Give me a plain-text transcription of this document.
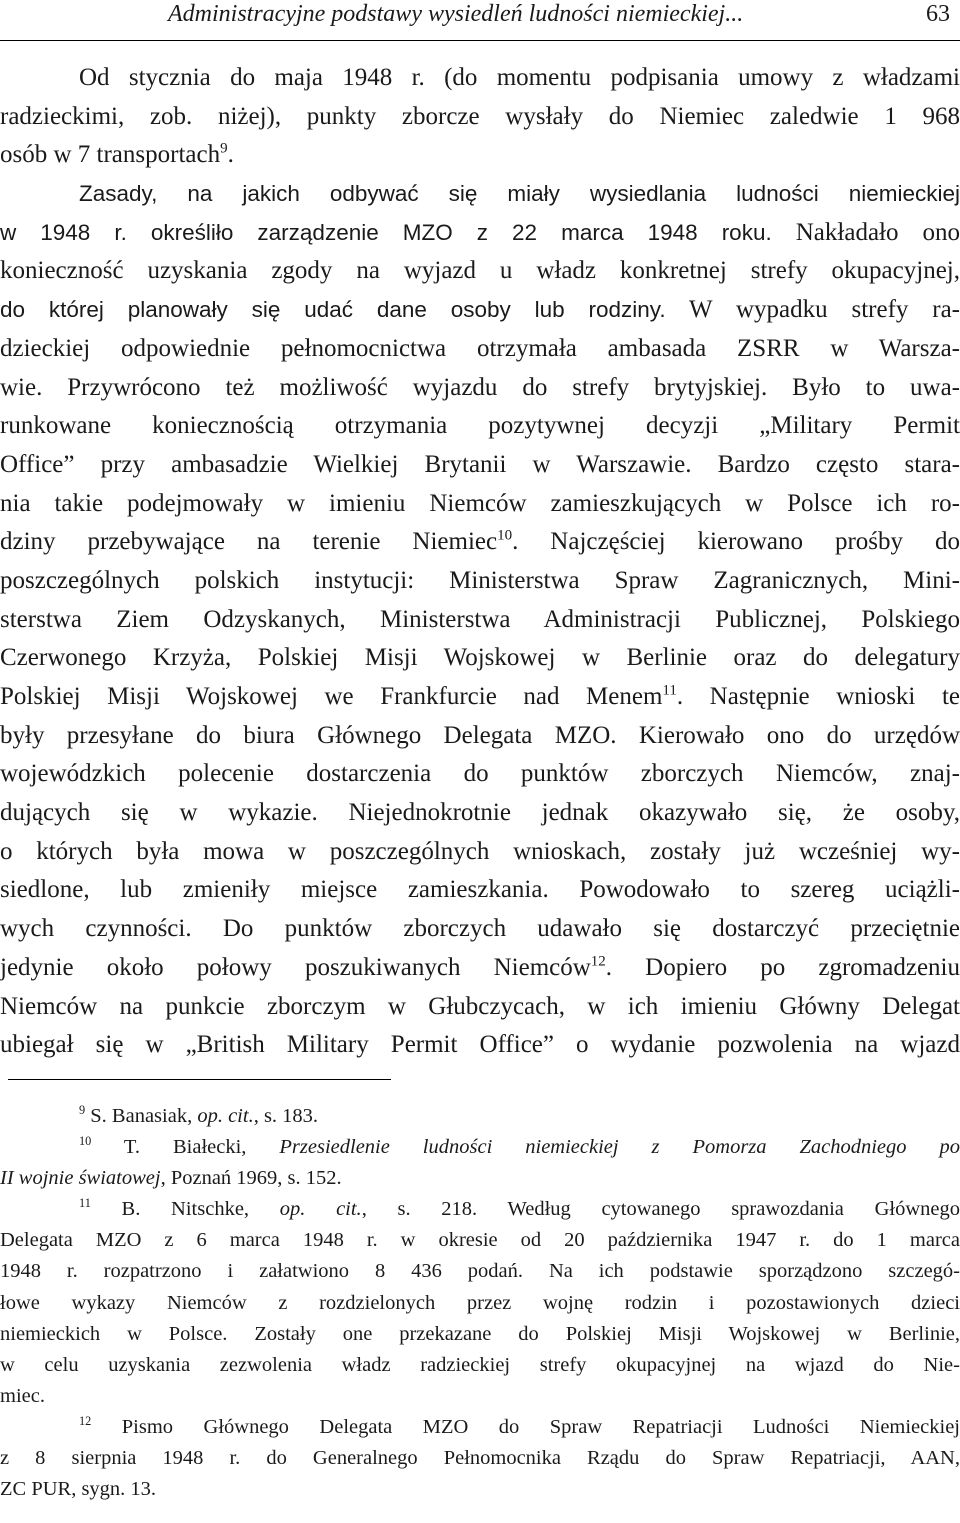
Administracyjne podstawy wysiedleń ludności niemieckiej...	63
Od stycznia do maja 1948 r. (do momentu podpisania umowy z władzami
radzieckimi, zob. niżej), punkty zborcze wysłały do Niemiec zaledwie 1 968
osób w 7 transportach$^9$.
Zasady, na jakich odbywać się miały wysiedlania ludności niemieckiej
w 1948 r. określiło zarządzenie MZO z 22 marca 1948 roku. Nakładało ono
konieczność uzyskania zgody na wyjazd u władz konkretnej strefy okupacyjnej,
do której planowały się udać dane osoby lub rodziny. W wypadku strefy ra-
dzieckiej odpowiednie pełnomocnictwa otrzymała ambasada ZSRR w Warsza-
wie. Przywrócono też możliwość wyjazdu do strefy brytyjskiej. Było to uwa-
runkowane koniecznością otrzymania pozytywnej decyzji „Military Permit
Office” przy ambasadzie Wielkiej Brytanii w Warszawie. Bardzo często stara-
nia takie podejmowały w imieniu Niemców zamieszkujących w Polsce ich ro-
dziny przebywające na terenie Niemiec$^{10}$. Najczęściej kierowano prośby do
poszczególnych polskich instytucji: Ministerstwa Spraw Zagranicznych, Mini-
sterstwa Ziem Odzyskanych, Ministerstwa Administracji Publicznej, Polskiego
Czerwonego Krzyża, Polskiej Misji Wojskowej w Berlinie oraz do delegatury
Polskiej Misji Wojskowej we Frankfurcie nad Menem$^{11}$. Następnie wnioski te
były przesyłane do biura Głównego Delegata MZO. Kierowało ono do urzędów
wojewódzkich polecenie dostarczenia do punktów zborczych Niemców, znaj-
dujących się w wykazie. Niejednokrotnie jednak okazywało się, że osoby,
o których była mowa w poszczególnych wnioskach, zostały już wcześniej wy-
siedlone, lub zmieniły miejsce zamieszkania. Powodowało to szereg uciążli-
wych czynności. Do punktów zborczych udawało się dostarczyć przeciętnie
jedynie około połowy poszukiwanych Niemców$^{12}$. Dopiero po zgromadzeniu
Niemców na punkcie zborczym w Głubczycach, w ich imieniu Główny Delegat
ubiegał się w „British Military Permit Office” o wydanie pozwolenia na wjazd
$^9$ S. Banasiak, op. cit., s. 183.
$^{10}$ T. Białecki, Przesiedlenie ludności niemieckiej z Pomorza Zachodniego po
II wojnie światowej, Poznań 1969, s. 152.
$^{11}$ B. Nitschke, op. cit., s. 218. Według cytowanego sprawozdania Głównego
Delegata MZO z 6 marca 1948 r. w okresie od 20 października 1947 r. do 1 marca
1948 r. rozpatrzono i załatwiono 8 436 podań. Na ich podstawie sporządzono szczegó-
łowe wykazy Niemców z rozdzielonych przez wojnę rodzin i pozostawionych dzieci
niemieckich w Polsce. Zostały one przekazane do Polskiej Misji Wojskowej w Berlinie,
w celu uzyskania zezwolenia władz radzieckiej strefy okupacyjnej na wjazd do Nie-
miec.
$^{12}$ Pismo Głównego Delegata MZO do Spraw Repatriacji Ludności Niemieckiej
z 8 sierpnia 1948 r. do Generalnego Pełnomocnika Rządu do Spraw Repatriacji, AAN,
ZC PUR, sygn. 13.
